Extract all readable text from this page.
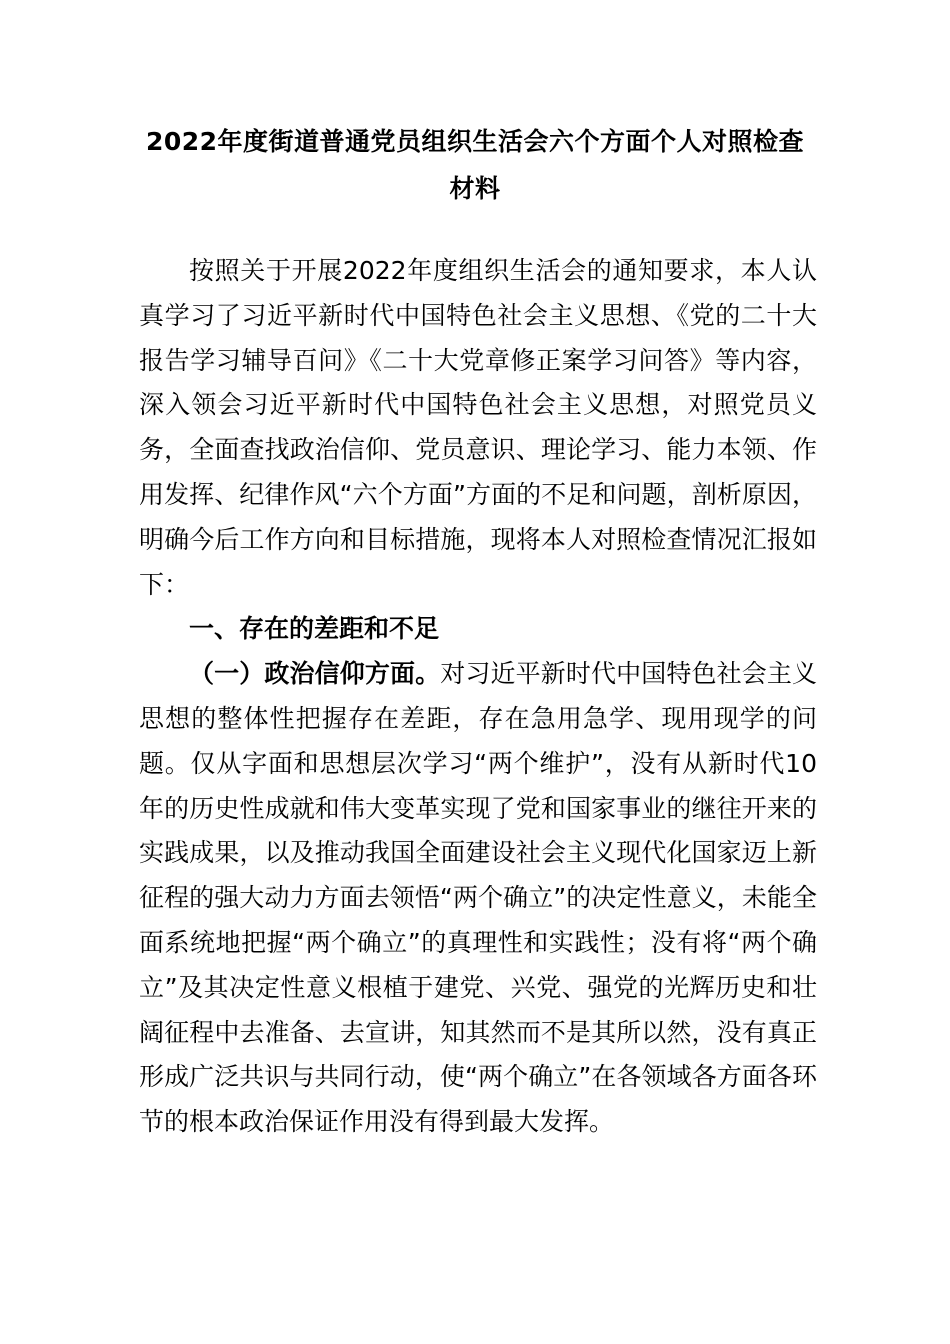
2022年度街道普通党员组织生活会六个方面个人对照检查
材料

按照关于开展2022年度组织生活会的通知要求，本人认真学习了习近平新时代中国特色社会主义思想、《党的二十大报告学习辅导百问》《二十大党章修正案学习问答》等内容，深入领会习近平新时代中国特色社会主义思想，对照党员义务，全面查找政治信仰、党员意识、理论学习、能力本领、作用发挥、纪律作风“六个方面”方面的不足和问题，剖析原因，明确今后工作方向和目标措施，现将本人对照检查情况汇报如下：

一、存在的差距和不足

（一）政治信仰方面。对习近平新时代中国特色社会主义思想的整体性把握存在差距，存在急用急学、现用现学的问题。仅从字面和思想层次学习“两个维护”，没有从新时代10年的历史性成就和伟大变革实现了党和国家事业的继往开来的实践成果，以及推动我国全面建设社会主义现代化国家迈上新征程的强大动力方面去领悟“两个确立”的决定性意义，未能全面系统地把握“两个确立”的真理性和实践性；没有将“两个确立”及其决定性意义根植于建党、兴党、强党的光辉历史和壮阔征程中去准备、去宣讲，知其然而不是其所以然，没有真正形成广泛共识与共同行动，使“两个确立”在各领域各方面各环节的根本政治保证作用没有得到最大发挥。
